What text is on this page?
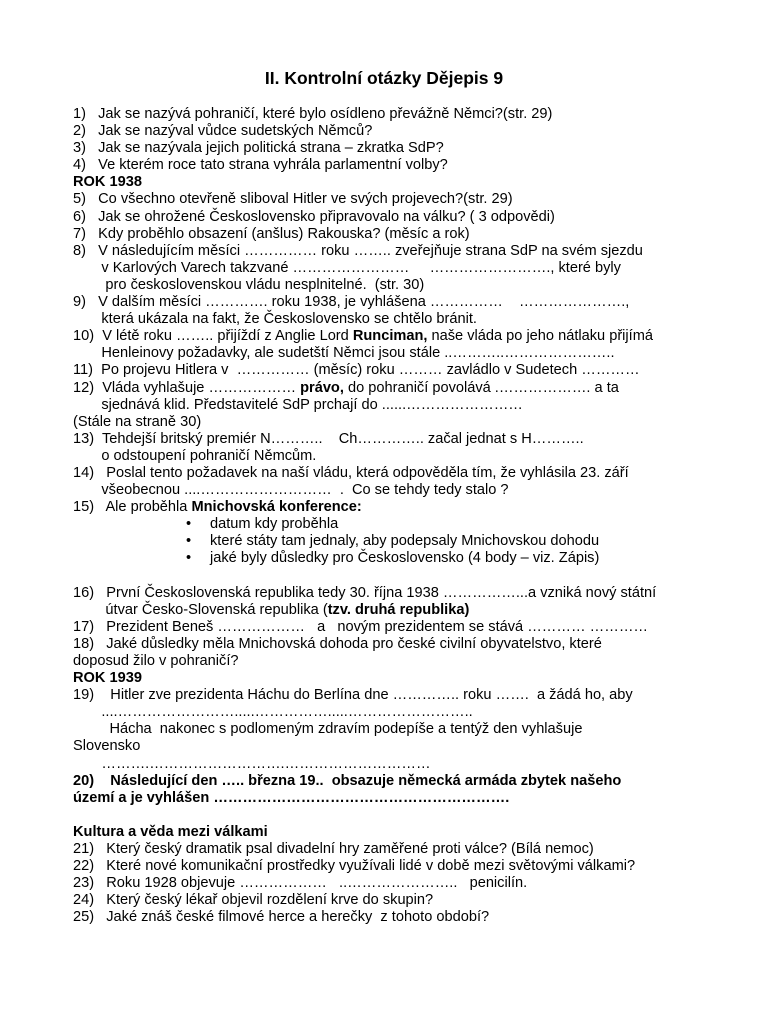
II. Kontrolní otázky Dějepis 9
1)   Jak se nazývá pohraničí, které bylo osídleno převážně Němci?(str. 29)
2)   Jak se nazýval vůdce sudetských Němců?
3)   Jak se nazývala jejich politická strana – zkratka SdP?
4)   Ve kterém roce tato strana vyhrála parlamentní volby?
ROK 1938
5)   Co všechno otevřeně sliboval Hitler ve svých projevech?(str. 29)
6)   Jak se ohrožené Československo připravovalo na válku? ( 3 odpovědi)
7)   Kdy proběhlo obsazení (anšlus) Rakouska? (měsíc a rok)
8)   V následujícím měsíci …………… roku …….. zveřejňuje strana SdP na svém sjezdu
v Karlových Varech takzvané ……………………     ……………………., které byly
pro československou vládu nesplnitelné.  (str. 30)
9)   V dalším měsíci …………. roku 1938, je vyhlášena ……………    ………………….,
která ukázala na fakt, že Československo se chtělo bránit.
10)  V létě roku …….. přijíždí z Anglie Lord Runciman, naše vláda po jeho nátlaku přijímá
Henleinovy požadavky, ale sudetští Němci jsou stále ..………..…………………..
11)  Po projevu Hitlera v  …………… (měsíc) roku ……… zavládlo v Sudetech …………
12)  Vláda vyhlašuje ……………… právo, do pohraničí povolává .………………. a ta
sjednává klid. Představitelé SdP prchají do ......……………………
(Stále na straně 30)
13)  Tehdejší britský premiér N………..    Ch………….. začal jednat s H………..
o odstoupení pohraničí Němcům.
14)   Poslal tento požadavek na naší vládu, která odpověděla tím, že vyhlásila 23. září
všeobecnou ....………………………  .  Co se tehdy tedy stalo ?
15)   Ale proběhla Mnichovská konference:
• datum kdy proběhla
• které státy tam jednaly, aby podepsaly Mnichovskou dohodu
• jaké byly důsledky pro Československo (4 body – viz. Zápis)
16)   První Československá republika tedy 30. října 1938 ……………...a vzniká nový státní
útvar Česko-Slovenská republika (tzv. druhá republika)
17)   Prezident Beneš ………………   a   novým prezidentem se stává ………… …………
18)   Jaké důsledky měla Mnichovská dohoda pro české civilní obyvatelstvo, které
doposud žilo v pohraničí?
ROK 1939
19)    Hitler zve prezidenta Háchu do Berlína dne ………….. roku …….  a žádá ho, aby
....…………………….....…………….....……………………..
Hácha  nakonec s podlomeným zdravím podepíše a tentýž den vyhlašuje
Slovensko
……….……………………….…………………………
20)    Následující den ….. března 19..  obsazuje německá armáda zbytek našeho
území a je vyhlášen …………………………………………………….
Kultura a věda mezi válkami
21)   Který český dramatik psal divadelní hry zaměřené proti válce? (Bílá nemoc)
22)   Které nové komunikační prostředky využívali lidé v době mezi světovými válkami?
23)   Roku 1928 objevuje ………………   ..…………………..   penicilín.
24)   Který český lékař objevil rozdělení krve do skupin?
25)   Jaké znáš české filmové herce a herečky  z tohoto období?
